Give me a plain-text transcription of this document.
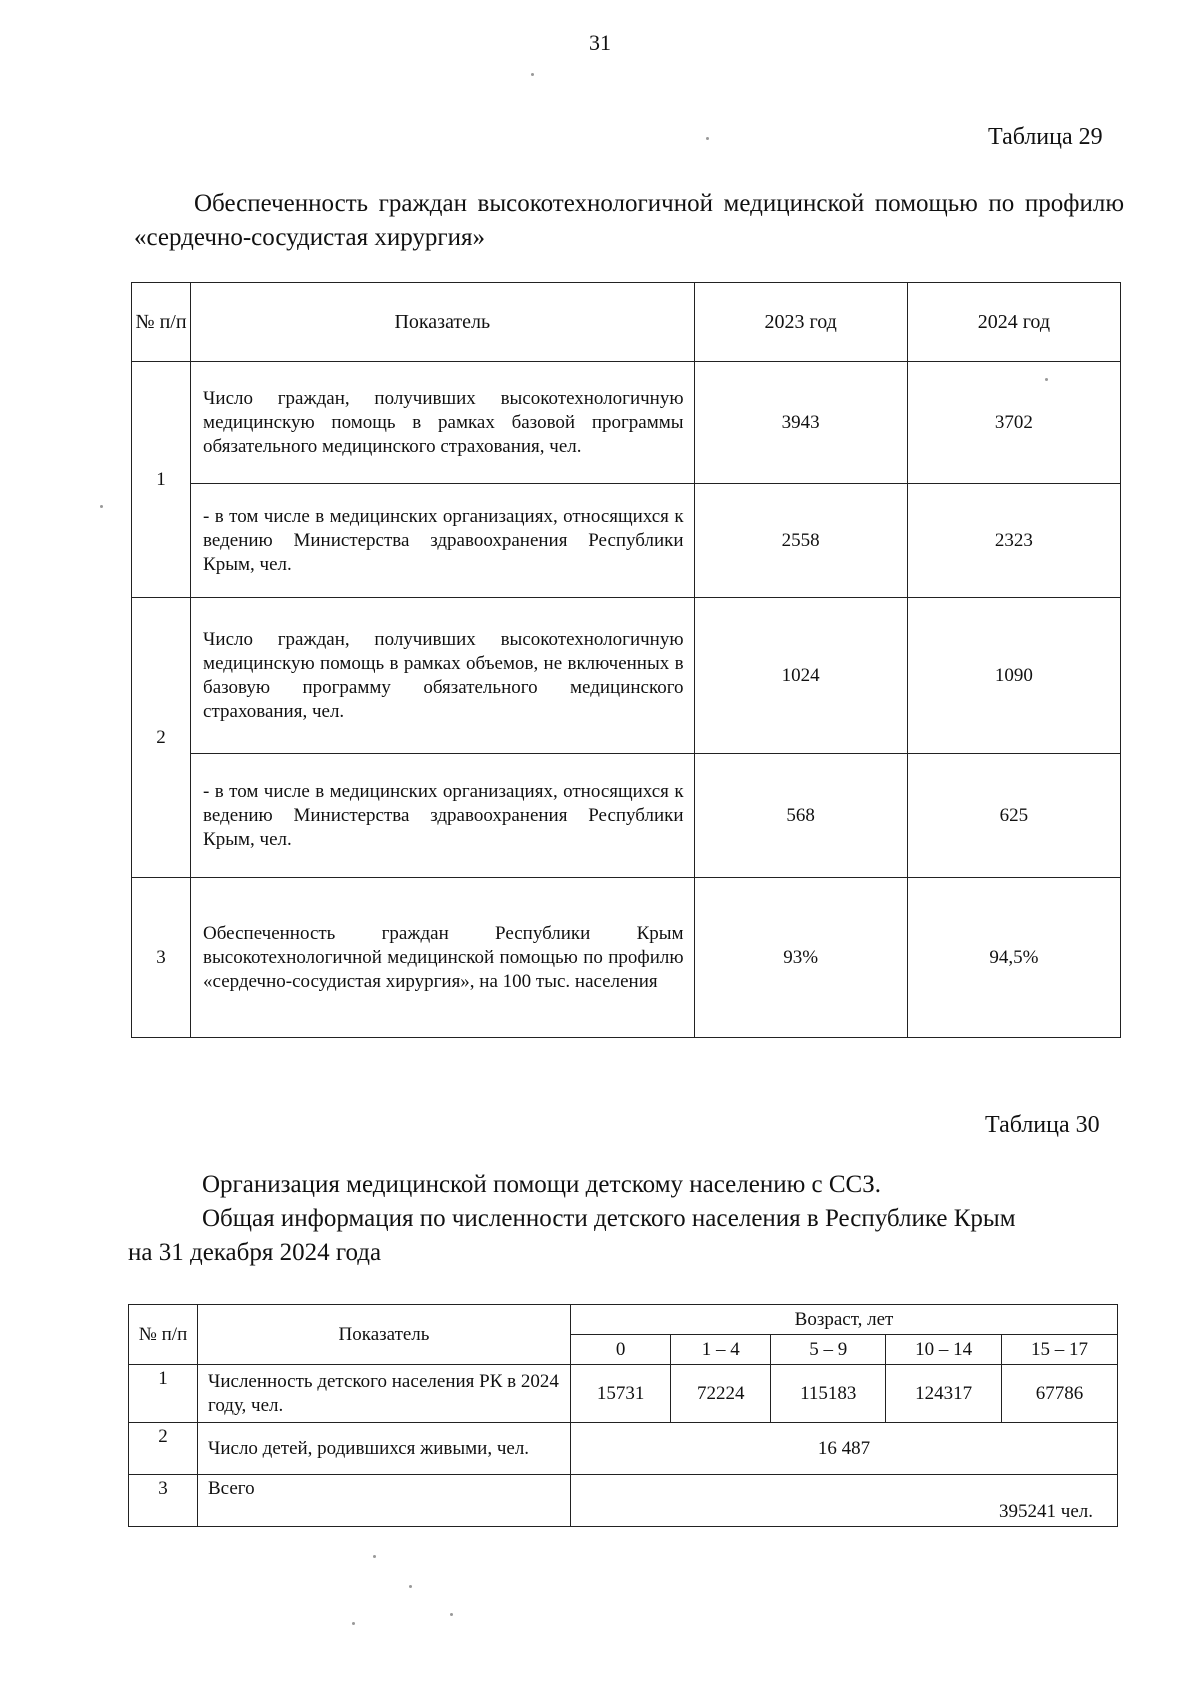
31
Таблица 29
Обеспеченность граждан высокотехнологичной медицинской помощью по профилю «сердечно-сосудистая хирургия»
№ п/п	Показатель	2023 год	2024 год
1	Число граждан, получивших высокотехнологичную медицинскую помощь в рамках базовой программы обязательного медицинского страхования, чел.	3943	3702
	- в том числе в медицинских организациях, относящихся к ведению Министерства здравоохранения Республики Крым, чел.	2558	2323
2	Число граждан, получивших высокотехнологичную медицинскую помощь в рамках объемов, не включенных в базовую программу обязательного медицинского страхования, чел.	1024	1090
	- в том числе в медицинских организациях, относящихся к ведению Министерства здравоохранения Республики Крым, чел.	568	625
3	Обеспеченность граждан Республики Крым высокотехнологичной медицинской помощью по профилю «сердечно-сосудистая хирургия», на 100 тыс. населения	93%	94,5%
Таблица 30

Организация медицинской помощи детскому населению с ССЗ.

Общая информация по численности детского населения в Республике Крым

на 31 декабря 2024 года

№ п/п	Показатель	Возраст, лет				
		0	1 – 4	5 – 9	10 – 14	15 – 17
1	Численность детского населения РК в 2024 году, чел.	15731	72224	115183	124317	67786
2	Число детей, родившихся живыми, чел.	16 487				
3	Всего	395241 чел.				
